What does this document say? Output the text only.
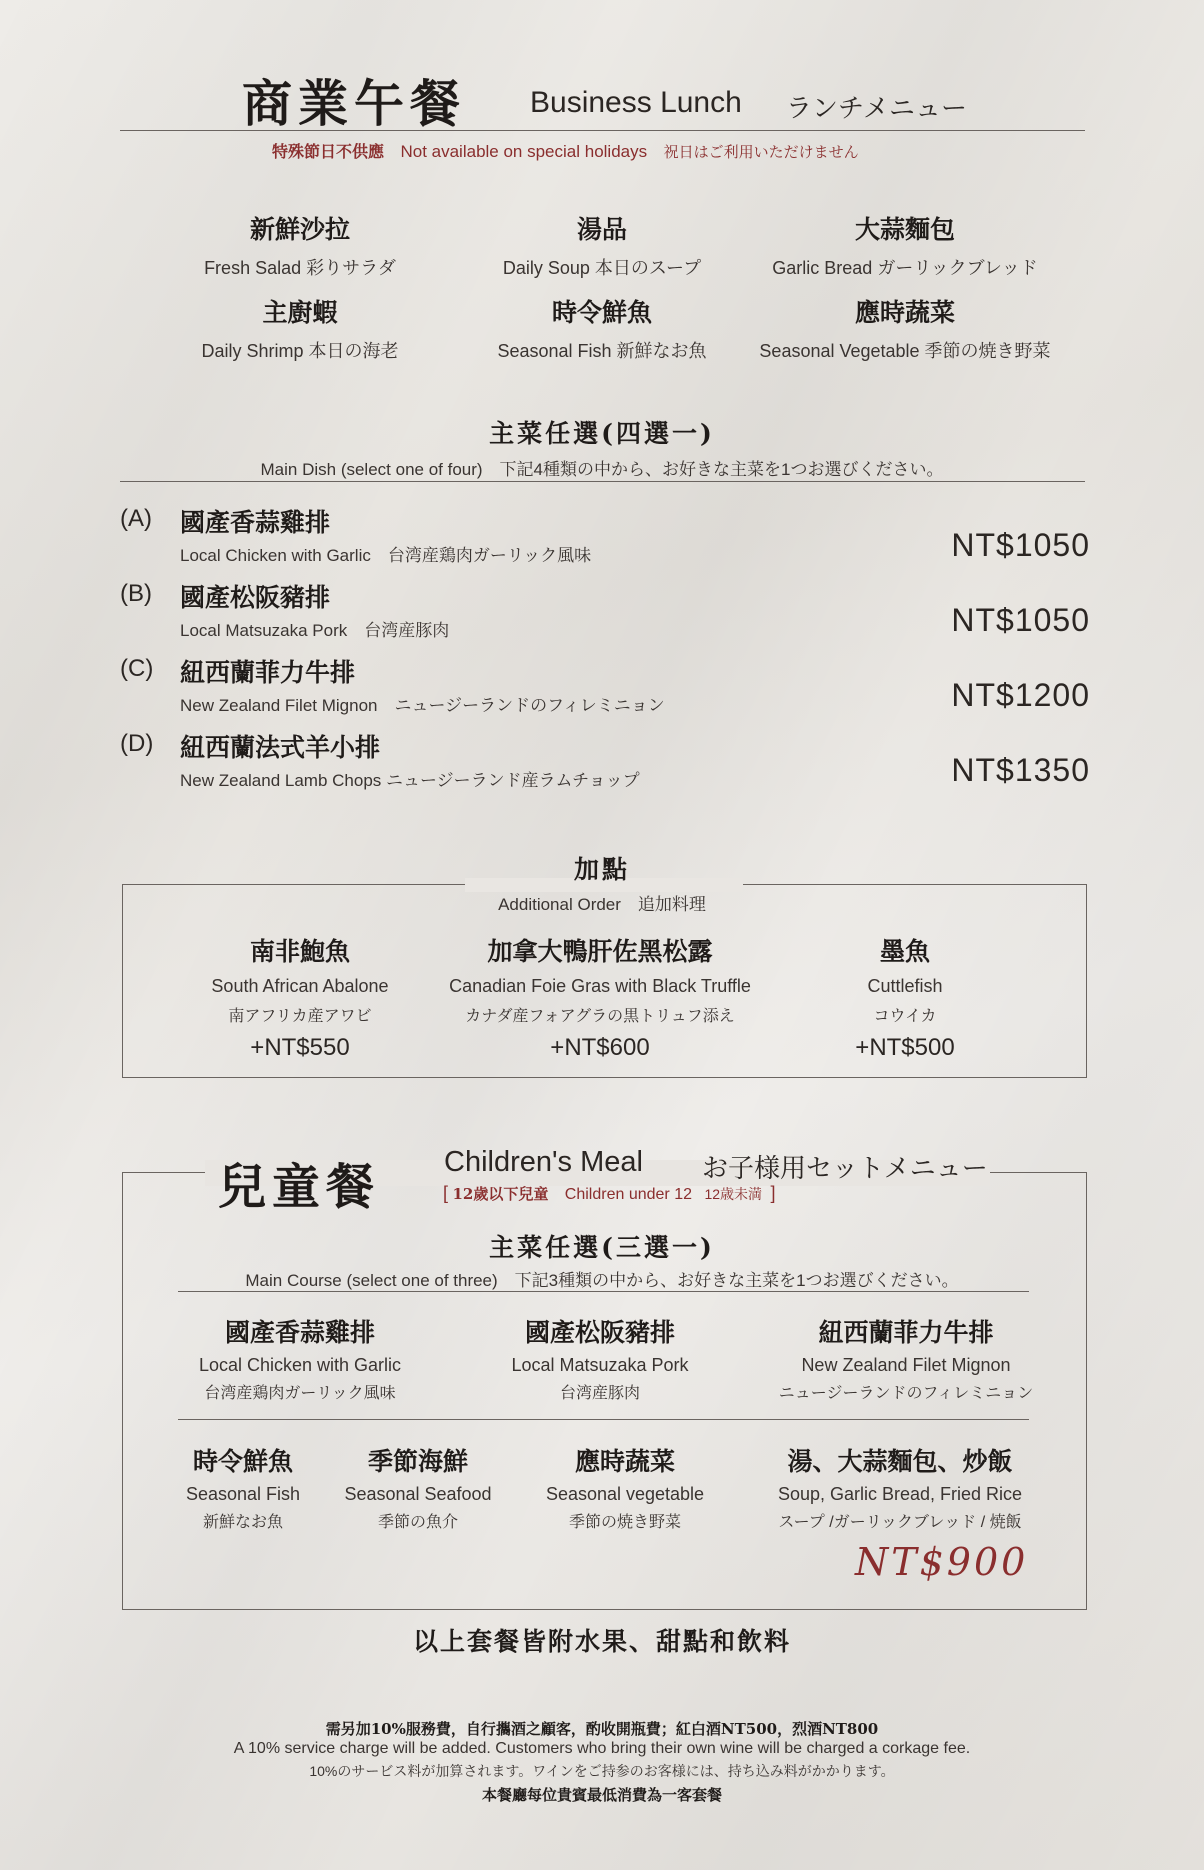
商業午餐 Business Lunch ランチメニュー
特殊節日不供應 Not available on special holidays 祝日はご利用いただけません
新鮮沙拉
Fresh Salad 彩りサラダ
湯品
Daily Soup 本日のスープ
大蒜麵包
Garlic Bread ガーリックブレッド
主廚蝦
Daily Shrimp 本日の海老
時令鮮魚
Seasonal Fish 新鮮なお魚
應時蔬菜
Seasonal Vegetable 季節の焼き野菜
主菜任選(四選一)
Main Dish (select one of four)　下記4種類の中から、お好きな主菜を1つお選びください。
(A) 國產香蒜雞排
Local Chicken with Garlic　台湾産鶏肉ガーリック風味	NT$1050
(B) 國產松阪豬排
Local Matsuzaka Pork　台湾産豚肉	NT$1050
(C) 紐西蘭菲力牛排
New Zealand Filet Mignon　ニュージーランドのフィレミニョン	NT$1200
(D) 紐西蘭法式羊小排
New Zealand Lamb Chops ニュージーランド産ラムチョップ	NT$1350
加點
Additional Order　追加料理
南非鮑魚
South African Abalone
南アフリカ産アワビ
+NT$550
加拿大鴨肝佐黑松露
Canadian Foie Gras with Black Truffle
カナダ産フォアグラの黒トリュフ添え
+NT$600
墨魚
Cuttlefish
コウイカ
+NT$500
兒童餐 Children's Meal お子様用セットメニュー
[ 12歲以下兒童 Children under 12 12歳未満 ]
主菜任選(三選一)
Main Course (select one of three)　下記3種類の中から、お好きな主菜を1つお選びください。
國產香蒜雞排
Local Chicken with Garlic
台湾産鶏肉ガーリック風味
國產松阪豬排
Local Matsuzaka Pork
台湾産豚肉
紐西蘭菲力牛排
New Zealand Filet Mignon
ニュージーランドのフィレミニョン
時令鮮魚
Seasonal Fish
新鮮なお魚
季節海鮮
Seasonal Seafood
季節の魚介
應時蔬菜
Seasonal vegetable
季節の焼き野菜
湯、大蒜麵包、炒飯
Soup, Garlic Bread, Fried Rice
スープ /ガーリックブレッド / 焼飯
NT$900
以上套餐皆附水果、甜點和飲料
需另加10%服務費，自行攜酒之顧客，酌收開瓶費；紅白酒NT500，烈酒NT800
A 10% service charge will be added. Customers who bring their own wine will be charged a corkage fee.
10%のサービス料が加算されます。ワインをご持参のお客様には、持ち込み料がかかります。
本餐廳每位貴賓最低消費為一客套餐
